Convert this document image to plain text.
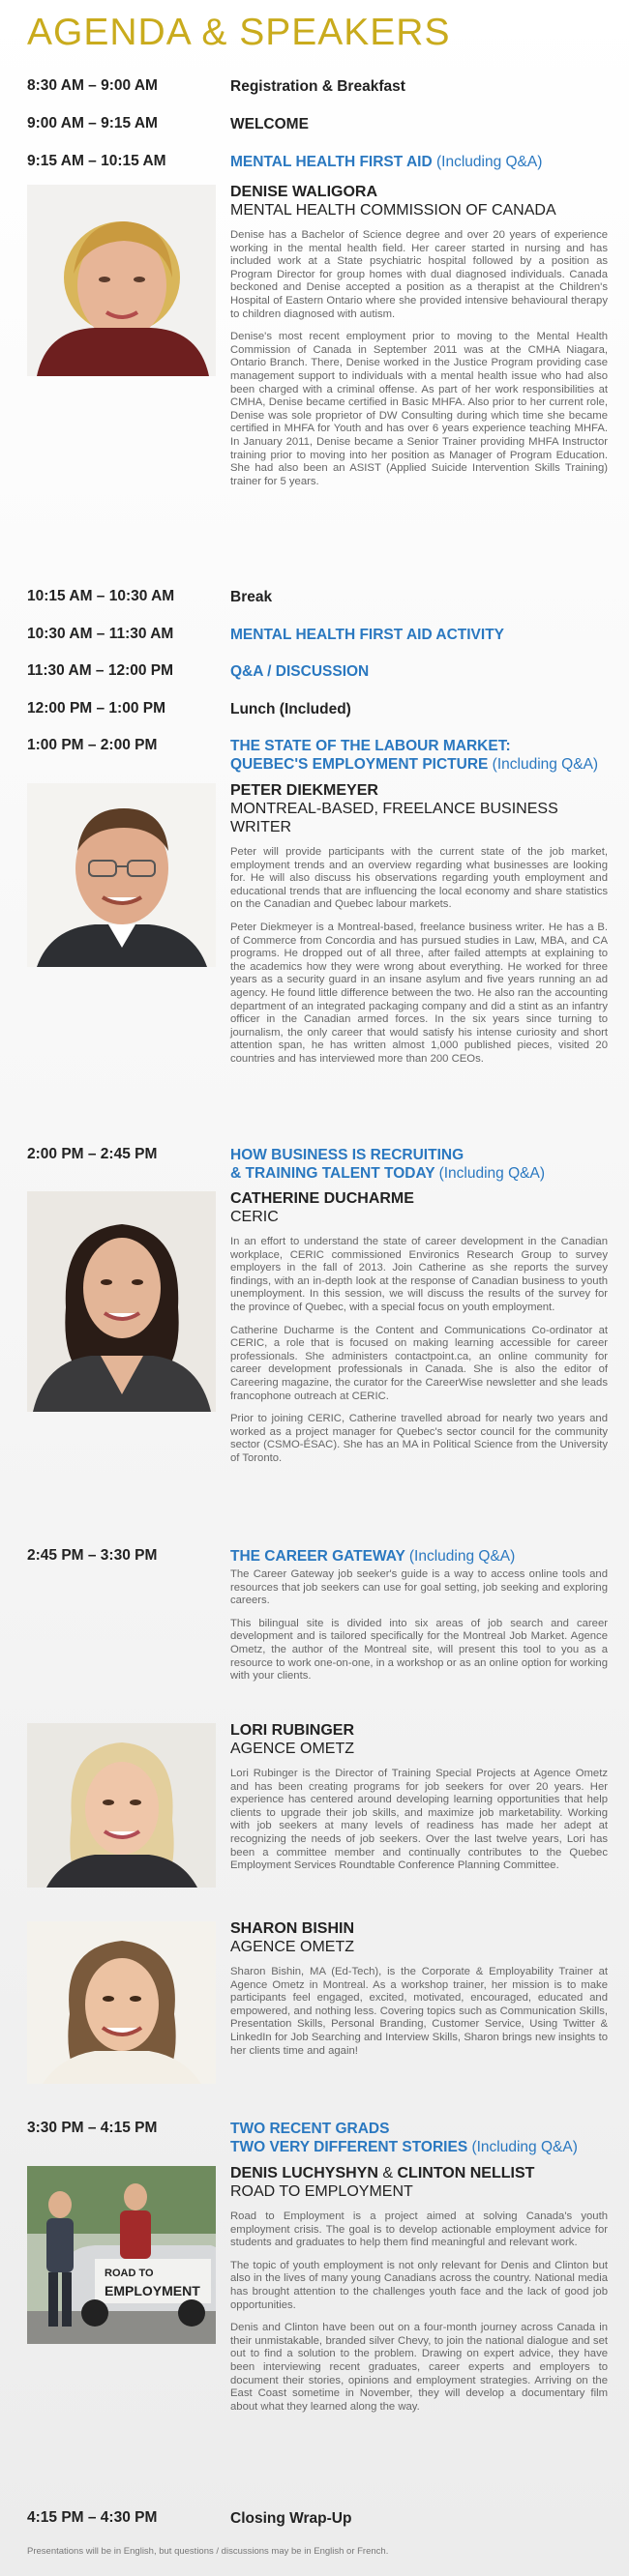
AGENDA & SPEAKERS
8:30 AM – 9:00 AM	Registration & Breakfast
9:00 AM – 9:15 AM	WELCOME
9:15 AM – 10:15 AM	MENTAL HEALTH FIRST AID (Including Q&A)
DENISE WALIGORA
MENTAL HEALTH COMMISSION OF CANADA
Denise has a Bachelor of Science degree and over 20 years of experience working in the mental health field. Her career started in nursing and has included work at a State psychiatric hospital followed by a position as Program Director for group homes with dual diagnosed individuals. Canada beckoned and Denise accepted a position as a therapist at the Children's Hospital of Eastern Ontario where she provided intensive behavioural therapy to children diagnosed with autism.
Denise's most recent employment prior to moving to the Mental Health Commission of Canada in September 2011 was at the CMHA Niagara, Ontario Branch. There, Denise worked in the Justice Program providing case management support to individuals with a mental health issue who had also been charged with a criminal offense. As part of her work responsibilities at CMHA, Denise became certified in Basic MHFA. Also prior to her current role, Denise was sole proprietor of DW Consulting during which time she became certified in MHFA for Youth and has over 6 years experience teaching MHFA. In January 2011, Denise became a Senior Trainer providing MHFA Instructor training prior to moving into her position as Manager of Program Education. She had also been an ASIST (Applied Suicide Intervention Skills Training) trainer for 5 years.
10:15 AM – 10:30 AM	Break
10:30 AM – 11:30 AM	MENTAL HEALTH FIRST AID ACTIVITY
11:30 AM – 12:00 PM	Q&A / DISCUSSION
12:00 PM – 1:00 PM	Lunch (Included)
1:00 PM – 2:00 PM	THE STATE OF THE LABOUR MARKET:
QUEBEC'S EMPLOYMENT PICTURE (Including Q&A)
PETER DIEKMEYER
MONTREAL-BASED, FREELANCE BUSINESS WRITER
Peter will provide participants with the current state of the job market, employment trends and an overview regarding what businesses are looking for. He will also discuss his observations regarding youth employment and educational trends that are influencing the local economy and share statistics on the Canadian and Quebec labour markets.
Peter Diekmeyer is a Montreal-based, freelance business writer. He has a B. of Commerce from Concordia and has pursued studies in Law, MBA, and CA programs. He dropped out of all three, after failed attempts at explaining to the academics how they were wrong about everything. He worked for three years as a security guard in an insane asylum and five years running an ad agency. He found little difference between the two. He also ran the accounting department of an integrated packaging company and did a stint as an infantry officer in the Canadian armed forces. In the six years since turning to journalism, the only career that would satisfy his intense curiosity and short attention span, he has written almost 1,000 published pieces, visited 20 countries and has interviewed more than 200 CEOs.
2:00 PM – 2:45 PM	HOW BUSINESS IS RECRUITING
& TRAINING TALENT TODAY (Including Q&A)
CATHERINE DUCHARME
CERIC
In an effort to understand the state of career development in the Canadian workplace, CERIC commissioned Environics Research Group to survey employers in the fall of 2013. Join Catherine as she reports the survey findings, with an in-depth look at the response of Canadian business to youth unemployment. In this session, we will discuss the results of the survey for the province of Quebec, with a special focus on youth employment.
Catherine Ducharme is the Content and Communications Co-ordinator at CERIC, a role that is focused on making learning accessible for career professionals. She administers contactpoint.ca, an online community for career development professionals in Canada. She is also the editor of Careering magazine, the curator for the CareerWise newsletter and she leads francophone outreach at CERIC.
Prior to joining CERIC, Catherine travelled abroad for nearly two years and worked as a project manager for Quebec's sector council for the community sector (CSMO-ÉSAC). She has an MA in Political Science from the University of Toronto.
2:45 PM – 3:30 PM	THE CAREER GATEWAY (Including Q&A)
The Career Gateway job seeker's guide is a way to access online tools and resources that job seekers can use for goal setting, job seeking and exploring careers.
This bilingual site is divided into six areas of job search and career development and is tailored specifically for the Montreal Job Market. Agence Ometz, the author of the Montreal site, will present this tool to you as a resource to work one-on-one, in a workshop or as an online option for working with your clients.
LORI RUBINGER
AGENCE OMETZ
Lori Rubinger is the Director of Training Special Projects at Agence Ometz and has been creating programs for job seekers for over 20 years. Her experience has centered around developing learning opportunities that help clients to upgrade their job skills, and maximize job marketability. Working with job seekers at many levels of readiness has made her adept at recognizing the needs of job seekers. Over the last twelve years, Lori has been a committee member and continually contributes to the Quebec Employment Services Roundtable Conference Planning Committee.
SHARON BISHIN
AGENCE OMETZ
Sharon Bishin, MA (Ed-Tech), is the Corporate & Employability Trainer at Agence Ometz in Montreal. As a workshop trainer, her mission is to make participants feel engaged, excited, motivated, encouraged, educated and empowered, and nothing less. Covering topics such as Communication Skills, Presentation Skills, Personal Branding, Customer Service, Using Twitter & LinkedIn for Job Searching and Interview Skills, Sharon brings new insights to her clients time and again!
3:30 PM – 4:15 PM	TWO RECENT GRADS
TWO VERY DIFFERENT STORIES (Including Q&A)
ROAD TO
EMPLOYMENT
DENIS LUCHYSHYN & CLINTON NELLIST
ROAD TO EMPLOYMENT
Road to Employment is a project aimed at solving Canada's youth employment crisis. The goal is to develop actionable employment advice for students and graduates to help them find meaningful and relevant work.
The topic of youth employment is not only relevant for Denis and Clinton but also in the lives of many young Canadians across the country. National media has brought attention to the challenges youth face and the lack of good job opportunities.
Denis and Clinton have been out on a four-month journey across Canada in their unmistakable, branded silver Chevy, to join the national dialogue and set out to find a solution to the problem. Drawing on expert advice, they have been interviewing recent graduates, career experts and employers to document their stories, opinions and employment strategies. Arriving on the East Coast sometime in November, they will develop a documentary film about what they learned along the way.
4:15 PM – 4:30 PM	Closing Wrap-Up
Presentations will be in English, but questions / discussions may be in English or French.
